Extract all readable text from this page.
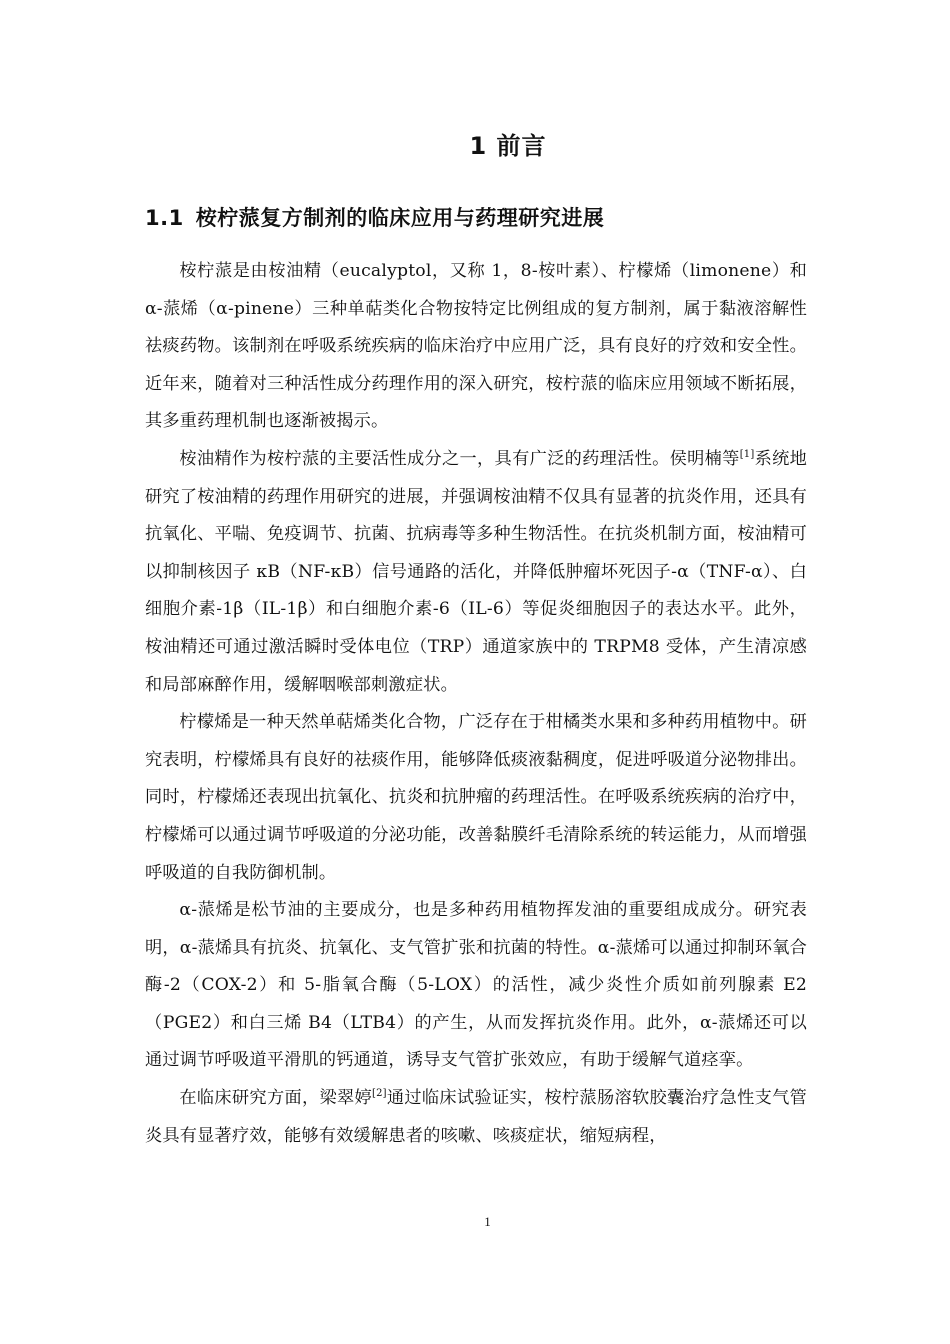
1 前言
1.1 桉柠蒎复方制剂的临床应用与药理研究进展

桉柠蒎是由桉油精（eucalyptol，又称 1，8-桉叶素）、柠檬烯（limonene）和 α-蒎烯（α-pinene）三种单萜类化合物按特定比例组成的复方制剂，属于黏液溶解性祛痰药物。该制剂在呼吸系统疾病的临床治疗中应用广泛，具有良好的疗效和安全性。近年来，随着对三种活性成分药理作用的深入研究，桉柠蒎的临床应用领域不断拓展，其多重药理机制也逐渐被揭示。

桉油精作为桉柠蒎的主要活性成分之一，具有广泛的药理活性。侯明楠等[1]系统地研究了桉油精的药理作用研究的进展，并强调桉油精不仅具有显著的抗炎作用，还具有抗氧化、平喘、免疫调节、抗菌、抗病毒等多种生物活性。在抗炎机制方面，桉油精可以抑制核因子 κB（NF-κB）信号通路的活化，并降低肿瘤坏死因子-α（TNF-α）、白细胞介素-1β（IL-1β）和白细胞介素-6（IL-6）等促炎细胞因子的表达水平。此外，桉油精还可通过激活瞬时受体电位（TRP）通道家族中的 TRPM8 受体，产生清凉感和局部麻醉作用，缓解咽喉部刺激症状。

柠檬烯是一种天然单萜烯类化合物，广泛存在于柑橘类水果和多种药用植物中。研究表明，柠檬烯具有良好的祛痰作用，能够降低痰液黏稠度，促进呼吸道分泌物排出。同时，柠檬烯还表现出抗氧化、抗炎和抗肿瘤的药理活性。在呼吸系统疾病的治疗中，柠檬烯可以通过调节呼吸道的分泌功能，改善黏膜纤毛清除系统的转运能力，从而增强呼吸道的自我防御机制。

α-蒎烯是松节油的主要成分，也是多种药用植物挥发油的重要组成成分。研究表明，α-蒎烯具有抗炎、抗氧化、支气管扩张和抗菌的特性。α-蒎烯可以通过抑制环氧合酶-2（COX-2）和 5-脂氧合酶（5-LOX）的活性，减少炎性介质如前列腺素 E2（PGE2）和白三烯 B4（LTB4）的产生，从而发挥抗炎作用。此外，α-蒎烯还可以通过调节呼吸道平滑肌的钙通道，诱导支气管扩张效应，有助于缓解气道痉挛。

在临床研究方面，梁翠婷[2]通过临床试验证实，桉柠蒎肠溶软胶囊治疗急性支气管炎具有显著疗效，能够有效缓解患者的咳嗽、咳痰症状，缩短病程，

1
